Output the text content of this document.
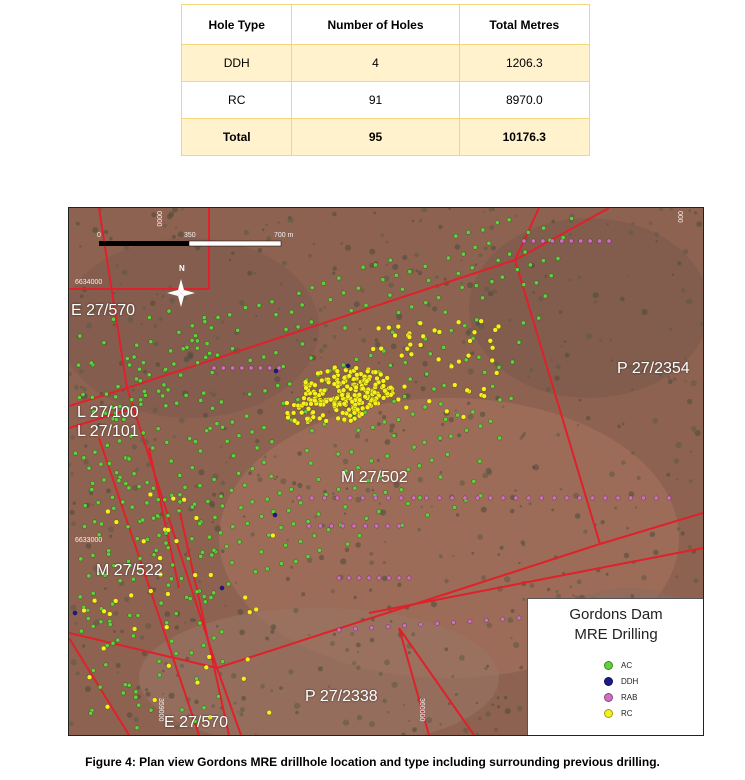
Hole Type	Number of Holes	Total Metres
DDH	4	1206.3
RC	91	8970.0
Total	95	10176.3
0	350	700 m
N
6634000
6633000
0000	000
359000	360000
E 27/570
L 27/100
L 27/101
M 27/502
M 27/522
P 27/2354
P 27/2338
E 27/570
Gordons Dam
MRE Drilling
AC
DDH
RAB
RC
Figure 4: Plan view Gordons MRE drillhole location and type including surrounding previous drilling.
